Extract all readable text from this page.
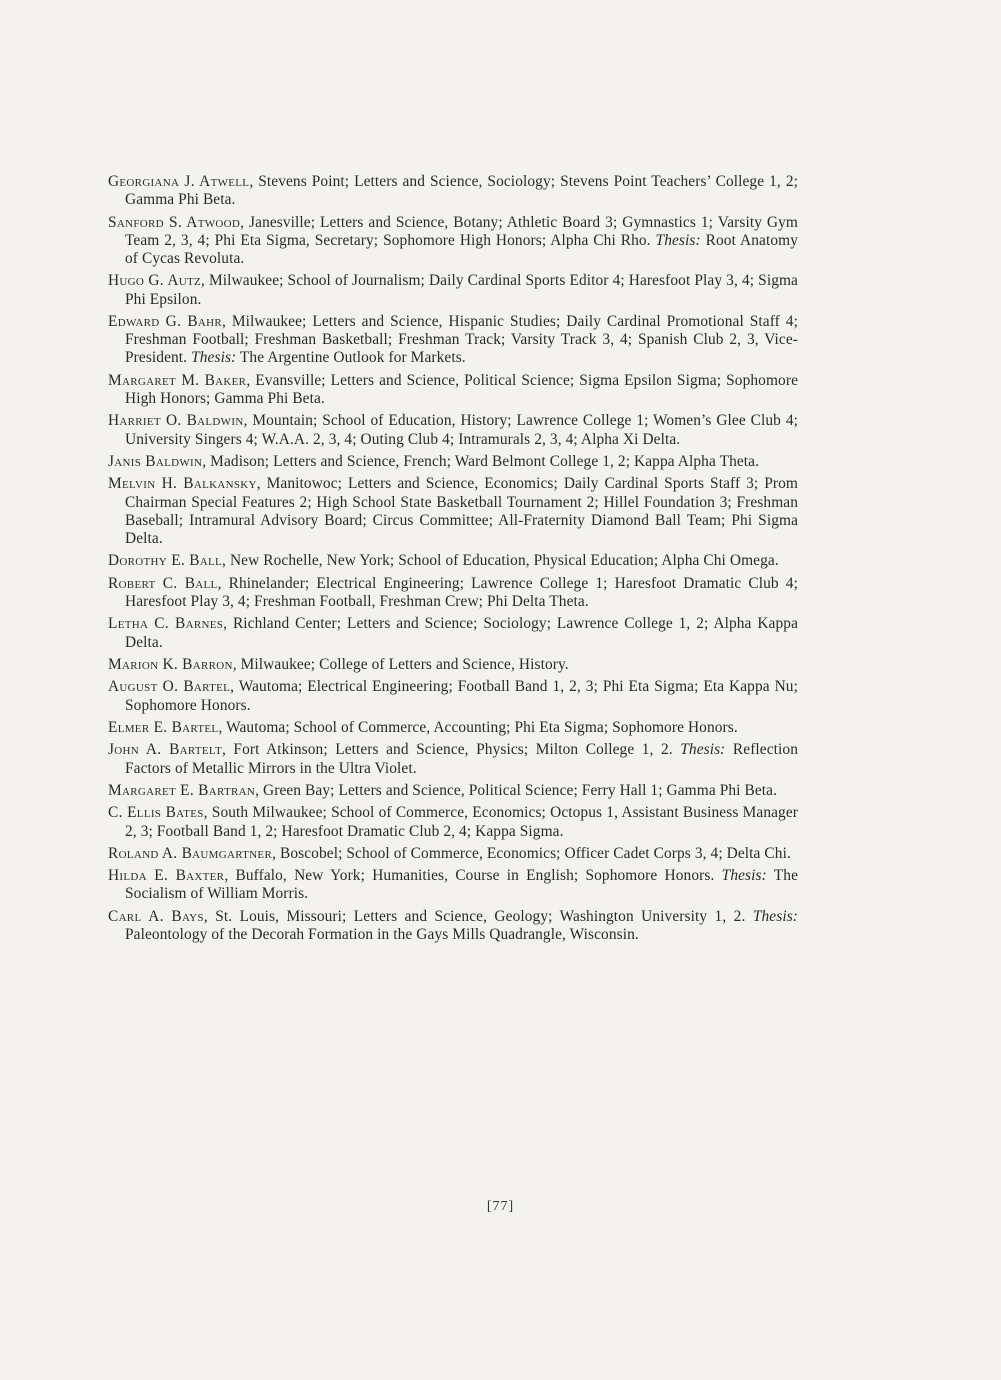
Georgiana J. Atwell, Stevens Point; Letters and Science, Sociology; Stevens Point Teachers’ College 1, 2; Gamma Phi Beta.

Sanford S. Atwood, Janesville; Letters and Science, Botany; Athletic Board 3; Gymnastics 1; Varsity Gym Team 2, 3, 4; Phi Eta Sigma, Secretary; Sophomore High Honors; Alpha Chi Rho. Thesis: Root Anatomy of Cycas Revoluta.

Hugo G. Autz, Milwaukee; School of Journalism; Daily Cardinal Sports Editor 4; Haresfoot Play 3, 4; Sigma Phi Epsilon.

Edward G. Bahr, Milwaukee; Letters and Science, Hispanic Studies; Daily Cardinal Promotional Staff 4; Freshman Football; Freshman Basketball; Freshman Track; Varsity Track 3, 4; Spanish Club 2, 3, Vice-President. Thesis: The Argentine Outlook for Markets.

Margaret M. Baker, Evansville; Letters and Science, Political Science; Sigma Epsilon Sigma; Sophomore High Honors; Gamma Phi Beta.

Harriet O. Baldwin, Mountain; School of Education, History; Lawrence College 1; Women’s Glee Club 4; University Singers 4; W.A.A. 2, 3, 4; Outing Club 4; Intramurals 2, 3, 4; Alpha Xi Delta.

Janis Baldwin, Madison; Letters and Science, French; Ward Belmont College 1, 2; Kappa Alpha Theta.

Melvin H. Balkansky, Manitowoc; Letters and Science, Economics; Daily Cardinal Sports Staff 3; Prom Chairman Special Features 2; High School State Basketball Tournament 2; Hillel Foundation 3; Freshman Baseball; Intramural Advisory Board; Circus Committee; All-Fraternity Diamond Ball Team; Phi Sigma Delta.

Dorothy E. Ball, New Rochelle, New York; School of Education, Physical Education; Alpha Chi Omega.

Robert C. Ball, Rhinelander; Electrical Engineering; Lawrence College 1; Haresfoot Dramatic Club 4; Haresfoot Play 3, 4; Freshman Football, Freshman Crew; Phi Delta Theta.

Letha C. Barnes, Richland Center; Letters and Science; Sociology; Lawrence College 1, 2; Alpha Kappa Delta.

Marion K. Barron, Milwaukee; College of Letters and Science, History.

August O. Bartel, Wautoma; Electrical Engineering; Football Band 1, 2, 3; Phi Eta Sigma; Eta Kappa Nu; Sophomore Honors.

Elmer E. Bartel, Wautoma; School of Commerce, Accounting; Phi Eta Sigma; Sophomore Honors.

John A. Bartelt, Fort Atkinson; Letters and Science, Physics; Milton College 1, 2. Thesis: Reflection Factors of Metallic Mirrors in the Ultra Violet.

Margaret E. Bartran, Green Bay; Letters and Science, Political Science; Ferry Hall 1; Gamma Phi Beta.

C. Ellis Bates, South Milwaukee; School of Commerce, Economics; Octopus 1, Assistant Business Manager 2, 3; Football Band 1, 2; Haresfoot Dramatic Club 2, 4; Kappa Sigma.

Roland A. Baumgartner, Boscobel; School of Commerce, Economics; Officer Cadet Corps 3, 4; Delta Chi.

Hilda E. Baxter, Buffalo, New York; Humanities, Course in English; Sophomore Honors. Thesis: The Socialism of William Morris.

Carl A. Bays, St. Louis, Missouri; Letters and Science, Geology; Washington University 1, 2. Thesis: Paleontology of the Decorah Formation in the Gays Mills Quadrangle, Wisconsin.

[77]
